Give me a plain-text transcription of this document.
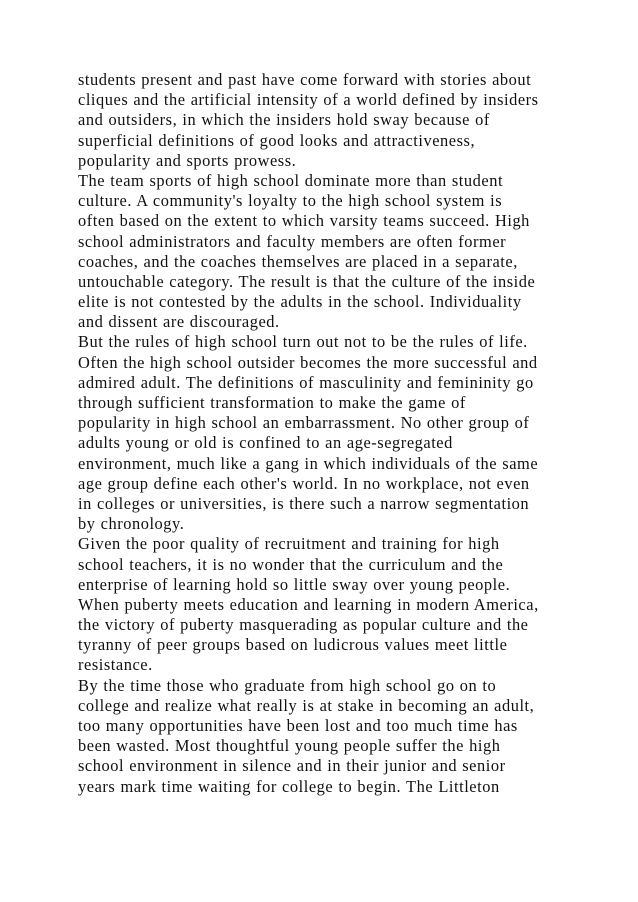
students present and past have come forward with stories about
cliques and the artificial intensity of a world defined by insiders
and outsiders, in which the insiders hold sway because of
superficial definitions of good looks and attractiveness,
popularity and sports prowess.
The team sports of high school dominate more than student
culture. A community's loyalty to the high school system is
often based on the extent to which varsity teams succeed. High
school administrators and faculty members are often former
coaches, and the coaches themselves are placed in a separate,
untouchable category. The result is that the culture of the inside
elite is not contested by the adults in the school. Individuality
and dissent are discouraged.
But the rules of high school turn out not to be the rules of life.
Often the high school outsider becomes the more successful and
admired adult. The definitions of masculinity and femininity go
through sufficient transformation to make the game of
popularity in high school an embarrassment. No other group of
adults young or old is confined to an age-segregated
environment, much like a gang in which individuals of the same
age group define each other's world. In no workplace, not even
in colleges or universities, is there such a narrow segmentation
by chronology.
Given the poor quality of recruitment and training for high
school teachers, it is no wonder that the curriculum and the
enterprise of learning hold so little sway over young people.
When puberty meets education and learning in modern America,
the victory of puberty masquerading as popular culture and the
tyranny of peer groups based on ludicrous values meet little
resistance.
By the time those who graduate from high school go on to
college and realize what really is at stake in becoming an adult,
too many opportunities have been lost and too much time has
been wasted. Most thoughtful young people suffer the high
school environment in silence and in their junior and senior
years mark time waiting for college to begin. The Littleton
